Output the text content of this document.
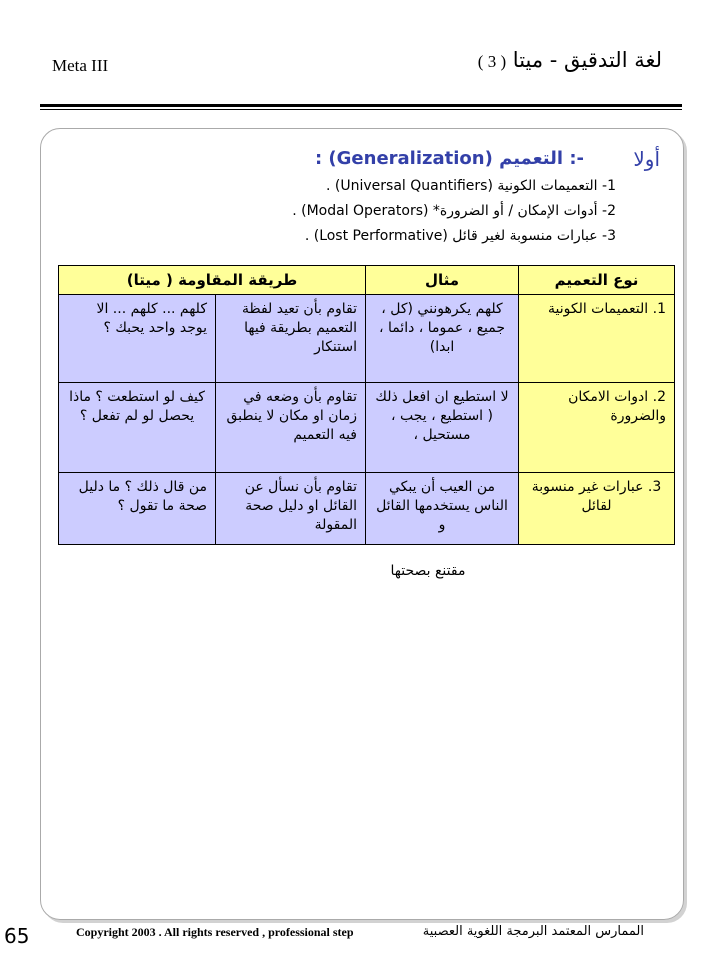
Meta III	لغة التدقيق - ميتا ( 3 )
أولا
-: التعميم (Generalization) :
1- التعميمات الكونية (Universal Quantifiers) .
2- أدوات الإمكان / أو الضرورة* (Modal Operators) .
3- عبارات منسوبة لغير قائل (Lost Performative) .
نوع التعميم	مثال	طريقة المقاومة ( ميتا)	
1. التعميمات الكونية	كلهم يكرهونني (كل ، جميع ، عموما ، دائما ، ابدا)	تقاوم بأن تعيد لفظة التعميم بطريقة فيها استنكار	كلهم ... كلهم ... الا يوجد واحد يحبك ؟
2. ادوات الامكان والضرورة	لا استطيع ان افعل ذلك ( استطيع ، يجب ، مستحيل ،	تقاوم بأن وضعه في زمان او مكان لا ينطبق فيه التعميم	كيف لو استطعت ؟ ماذا يحصل لو لم تفعل ؟
3. عبارات غير منسوبة لقائل	من العيب أن يبكي الناس يستخدمها القائل و	تقاوم بأن نسأل عن القائل او دليل صحة المقولة	من قال ذلك ؟ ما دليل صحة ما تقول ؟
مقتنع بصحتها
65	Copyright 2003 . All rights reserved , professional step	الممارس المعتمد البرمجة اللغوية العصبية
